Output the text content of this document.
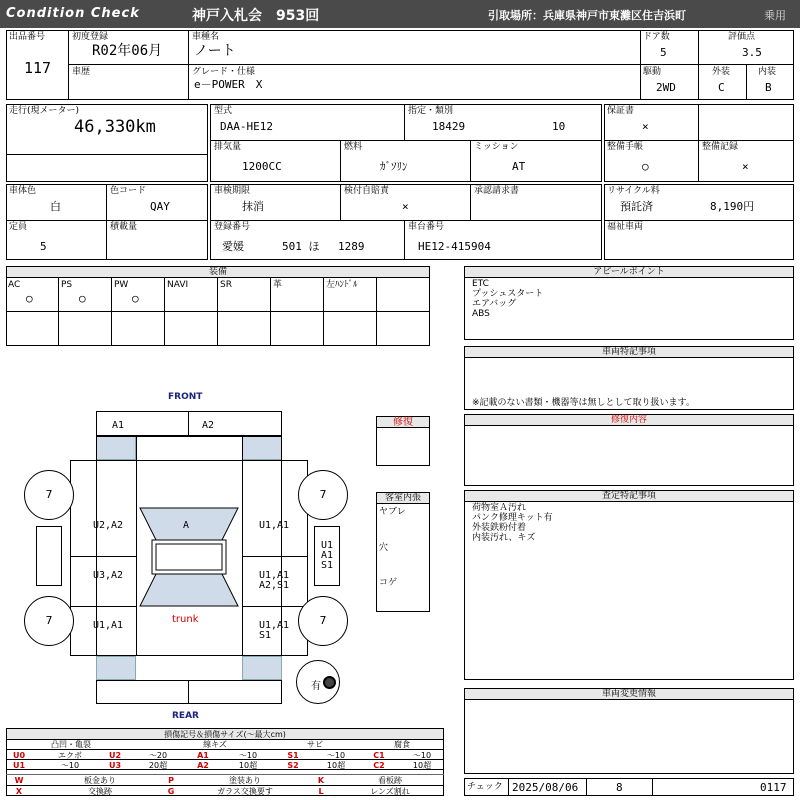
Condition Check	神戸入札会　953回	引取場所：兵庫県神戸市東灘区住吉浜町	乗用
出品番号
117
初度登録
R02年06月
車種名
ノート
車歴	グレード・仕様
e－POWER　X
ドア数
5
駆動
2WD
評価点
3.5
外装
C
内装
B
走行(現メーター)
46,330km
型式
DAA-HE12
指定・類別
18429	10
排気量
1200CC
燃料
ｶﾞｿﾘﾝ
ミッション
AT
保証書
×
整備手帳
○
整備記録
×
車体色
白
色コード
QAY
定員
5
積載量
車検期限
抹消
検付自賠責
×
承認請求書
登録番号
愛媛	501 ほ 1289
車台番号
HE12-415904
リサイクル料
預託済	8,190円
福祉車両
装備
AC	PS	PW	NAVI	SR	革	左ﾊﾝﾄﾞﾙ
○	○	○
アピールポイント
ETC
プッシュスタート
エアバッグ
ABS
車両特記事項
※記載のない書類・機器等は無しとして取り扱います。
修復内容
査定特記事項
荷物室Ａ汚れ
パンク修理キット有
外装鉄粉付着
内装汚れ、キズ
車両変更情報
チェック 2025/08/06	8	0117
修復
客室内張
ヤブレ
穴
コゲ
FRONT
REAR
A1	A2
A
U2,A2
U3,A2
U1,A1
U1,A1
U1,A1
A2,S1
U1,A1
S1
trunk
U1
A1
S1
7	7
7	7
有
損傷記号＆損傷サイズ(～最大cm)
凸凹・亀裂	線キズ	サビ	腐食
U0	エクボ	U2	～20	A1	～10	S1	～10	C1	～10
U1	～10	U3	20超	A2	10超	S2	10超	C2	10超
W	板金あり	P	塗装あり	K	看板跡
X	交換跡	G	ガラス交換要す	L	レンズ割れ
